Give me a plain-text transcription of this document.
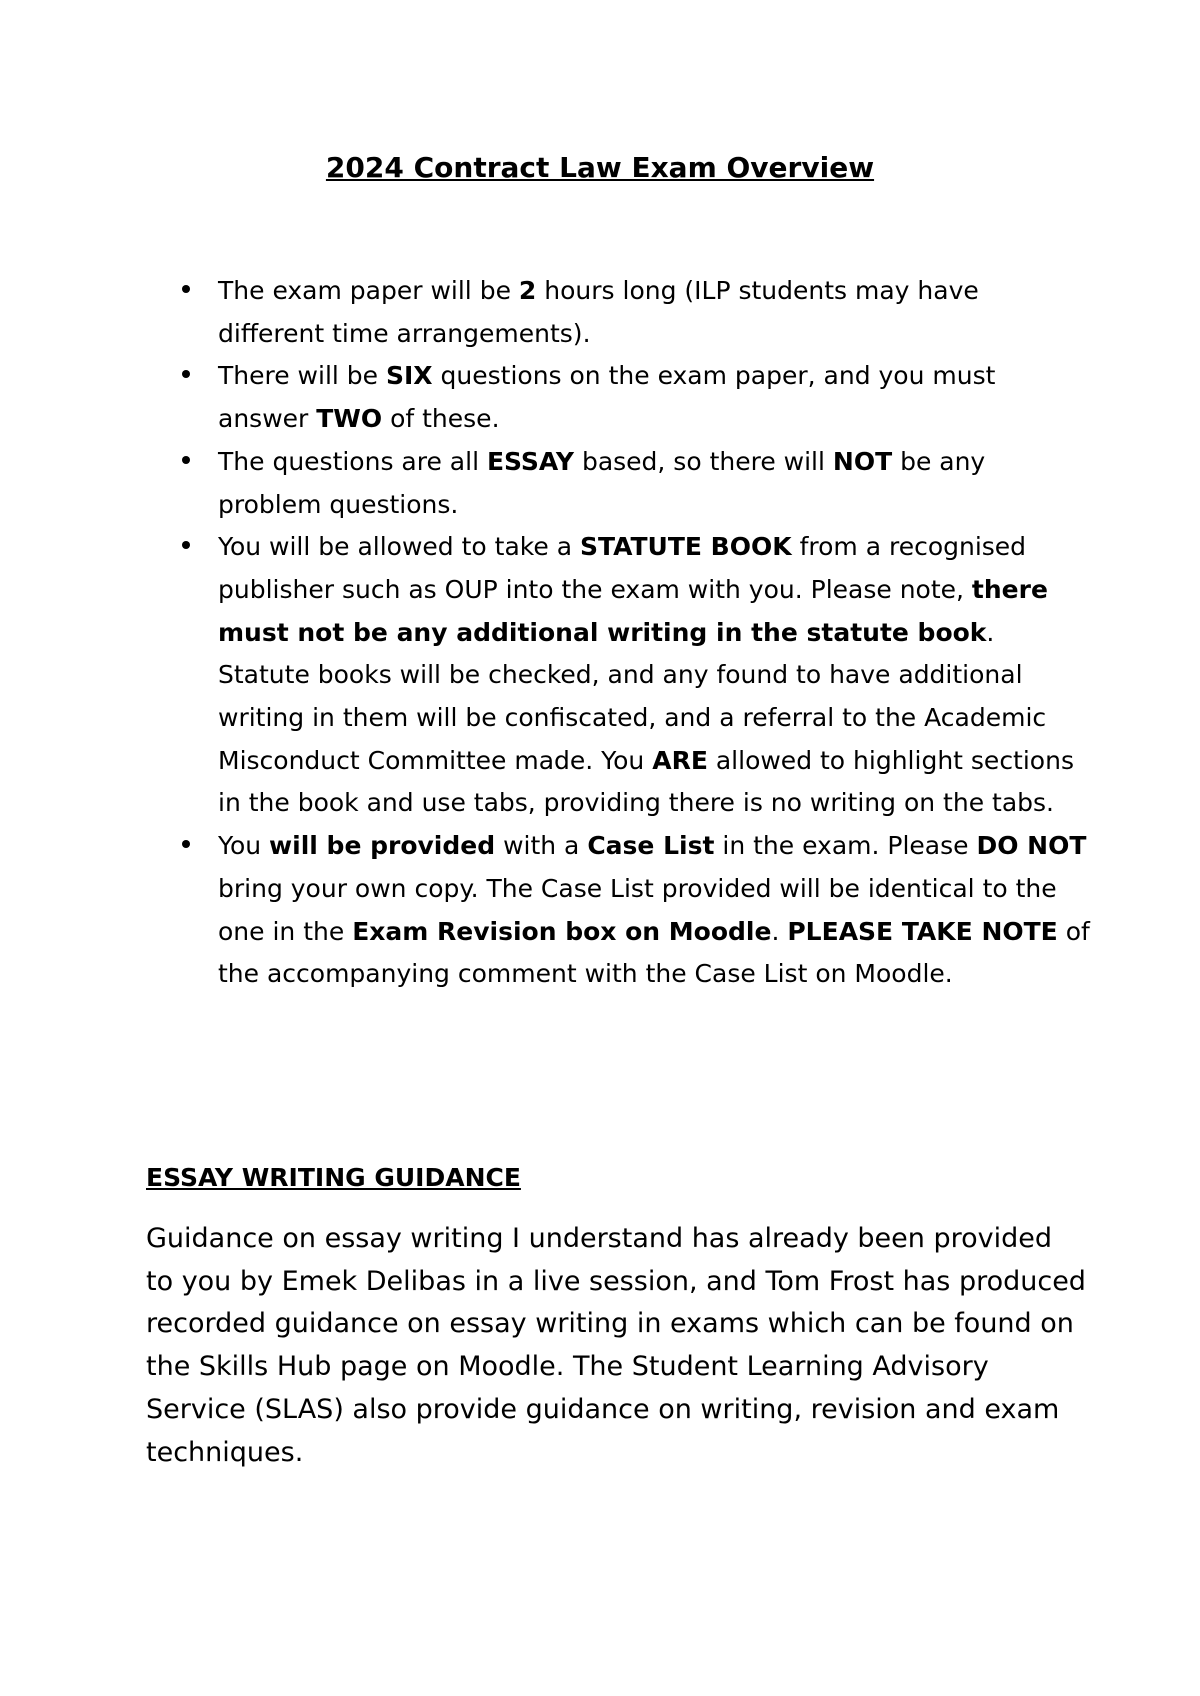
2024 Contract Law Exam Overview
The exam paper will be 2 hours long (ILP students may have different time arrangements).
There will be SIX questions on the exam paper, and you must answer TWO of these.
The questions are all ESSAY based, so there will NOT be any problem questions.
You will be allowed to take a STATUTE BOOK from a recognised publisher such as OUP into the exam with you. Please note, there must not be any additional writing in the statute book. Statute books will be checked, and any found to have additional writing in them will be confiscated, and a referral to the Academic Misconduct Committee made. You ARE allowed to highlight sections in the book and use tabs, providing there is no writing on the tabs.
You will be provided with a Case List in the exam. Please DO NOT bring your own copy. The Case List provided will be identical to the one in the Exam Revision box on Moodle. PLEASE TAKE NOTE of the accompanying comment with the Case List on Moodle.
ESSAY WRITING GUIDANCE

Guidance on essay writing I understand has already been provided to you by Emek Delibas in a live session, and Tom Frost has produced recorded guidance on essay writing in exams which can be found on the Skills Hub page on Moodle. The Student Learning Advisory Service (SLAS) also provide guidance on writing, revision and exam techniques.
